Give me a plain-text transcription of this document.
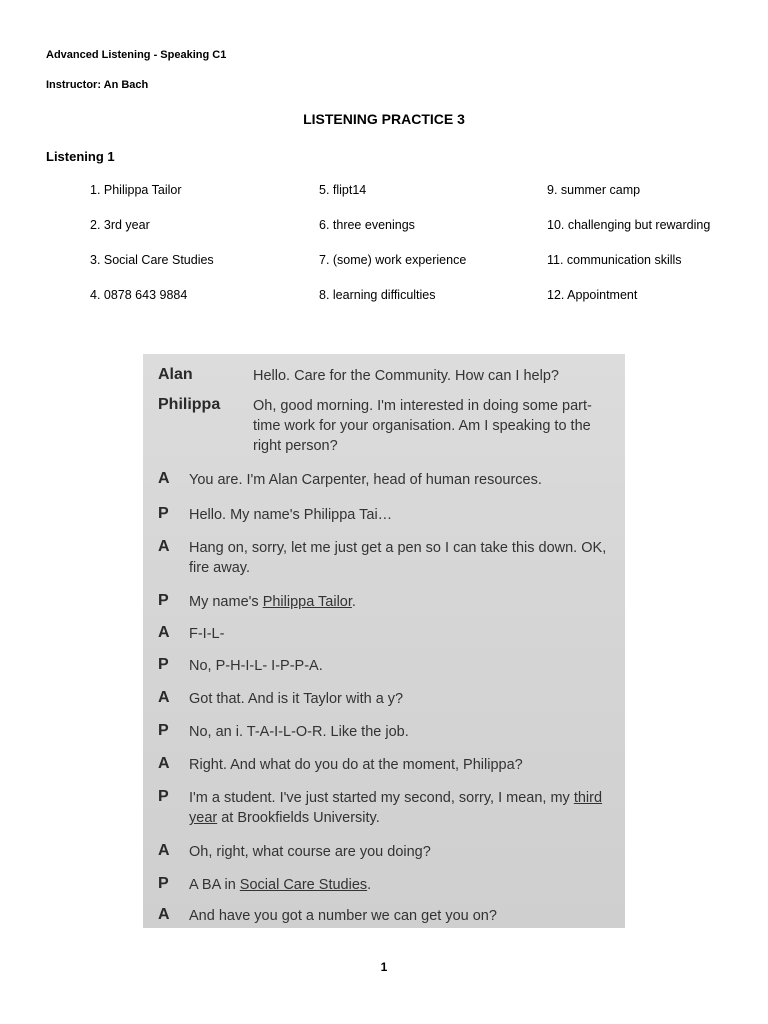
Advanced Listening - Speaking C1
Instructor: An Bach
LISTENING PRACTICE 3
Listening 1
1. Philippa Tailor	5. flipt14	9. summer camp
2. 3rd year	6. three evenings	10. challenging but rewarding
3. Social Care Studies	7. (some) work experience	11. communication skills
4. 0878 643 9884	8. learning difficulties	12. Appointment
Alan	Hello. Care for the Community. How can I help?
Philippa Oh, good morning. I'm interested in doing some part-time work for your organisation. Am I speaking to the right person?
A You are. I'm Alan Carpenter, head of human resources.
P Hello. My name's Philippa Tai…
A Hang on, sorry, let me just get a pen so I can take this down. OK, fire away.
P My name's Philippa Tailor.
A F-I-L-
P No, P-H-I-L- I-P-P-A.
A Got that. And is it Taylor with a y?
P No, an i. T-A-I-L-O-R. Like the job.
A Right. And what do you do at the moment, Philippa?
P I'm a student. I've just started my second, sorry, I mean, my third year at Brookfields University.
A Oh, right, what course are you doing?
P A BA in Social Care Studies.
A And have you got a number we can get you on?
1
